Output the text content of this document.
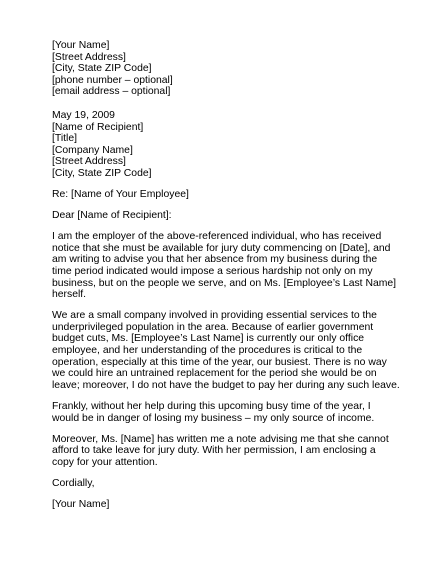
[Your Name]
[Street Address]
[City, State ZIP Code]
[phone number – optional]
[email address – optional]
May 19, 2009
[Name of Recipient]
[Title]
[Company Name]
[Street Address]
[City, State ZIP Code]
Re: [Name of Your Employee]
Dear [Name of Recipient]:
I am the employer of the above-referenced individual, who has received
notice that she must be available for jury duty commencing on [Date], and
am writing to advise you that her absence from my business during the
time period indicated would impose a serious hardship not only on my
business, but on the people we serve, and on Ms. [Employee’s Last Name]
herself.
We are a small company involved in providing essential services to the
underprivileged population in the area. Because of earlier government
budget cuts, Ms. [Employee’s Last Name] is currently our only office
employee, and her understanding of the procedures is critical to the
operation, especially at this time of the year, our busiest. There is no way
we could hire an untrained replacement for the period she would be on
leave; moreover, I do not have the budget to pay her during any such leave.
Frankly, without her help during this upcoming busy time of the year, I
would be in danger of losing my business – my only source of income.
Moreover, Ms. [Name] has written me a note advising me that she cannot
afford to take leave for jury duty. With her permission, I am enclosing a
copy for your attention.
Cordially,
[Your Name]
